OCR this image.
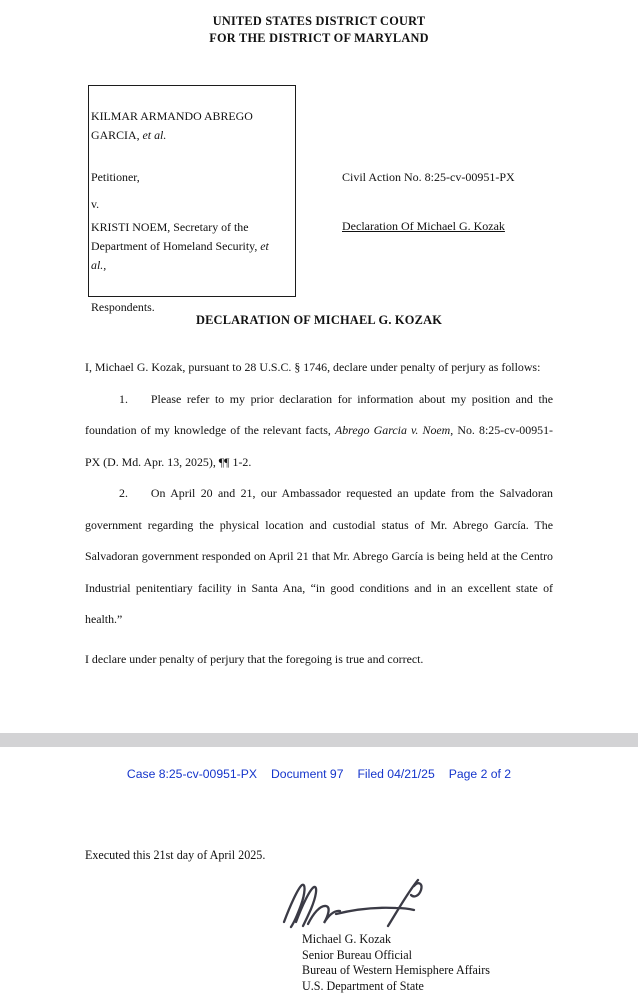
UNITED STATES DISTRICT COURT
FOR THE DISTRICT OF MARYLAND
KILMAR ARMANDO ABREGO GARCIA, et al.
Petitioner,
v.
KRISTI NOEM, Secretary of the Department of Homeland Security, et al.,
Respondents.
Civil Action No. 8:25-cv-00951-PX
Declaration Of Michael G. Kozak
DECLARATION OF MICHAEL G. KOZAK

I, Michael G. Kozak, pursuant to 28 U.S.C. § 1746, declare under penalty of perjury as follows:

1. Please refer to my prior declaration for information about my position and the foundation of my knowledge of the relevant facts, Abrego Garcia v. Noem, No. 8:25-cv-00951-PX (D. Md. Apr. 13, 2025), ¶¶ 1-2.

2. On April 20 and 21, our Ambassador requested an update from the Salvadoran government regarding the physical location and custodial status of Mr. Abrego García. The Salvadoran government responded on April 21 that Mr. Abrego García is being held at the Centro Industrial penitentiary facility in Santa Ana, “in good conditions and in an excellent state of health.”

I declare under penalty of perjury that the foregoing is true and correct.

Case 8:25-cv-00951-PX Document 97 Filed 04/21/25 Page 2 of 2
Executed this 21st day of April 2025.
Michael G. Kozak
Senior Bureau Official
Bureau of Western Hemisphere Affairs
U.S. Department of State
